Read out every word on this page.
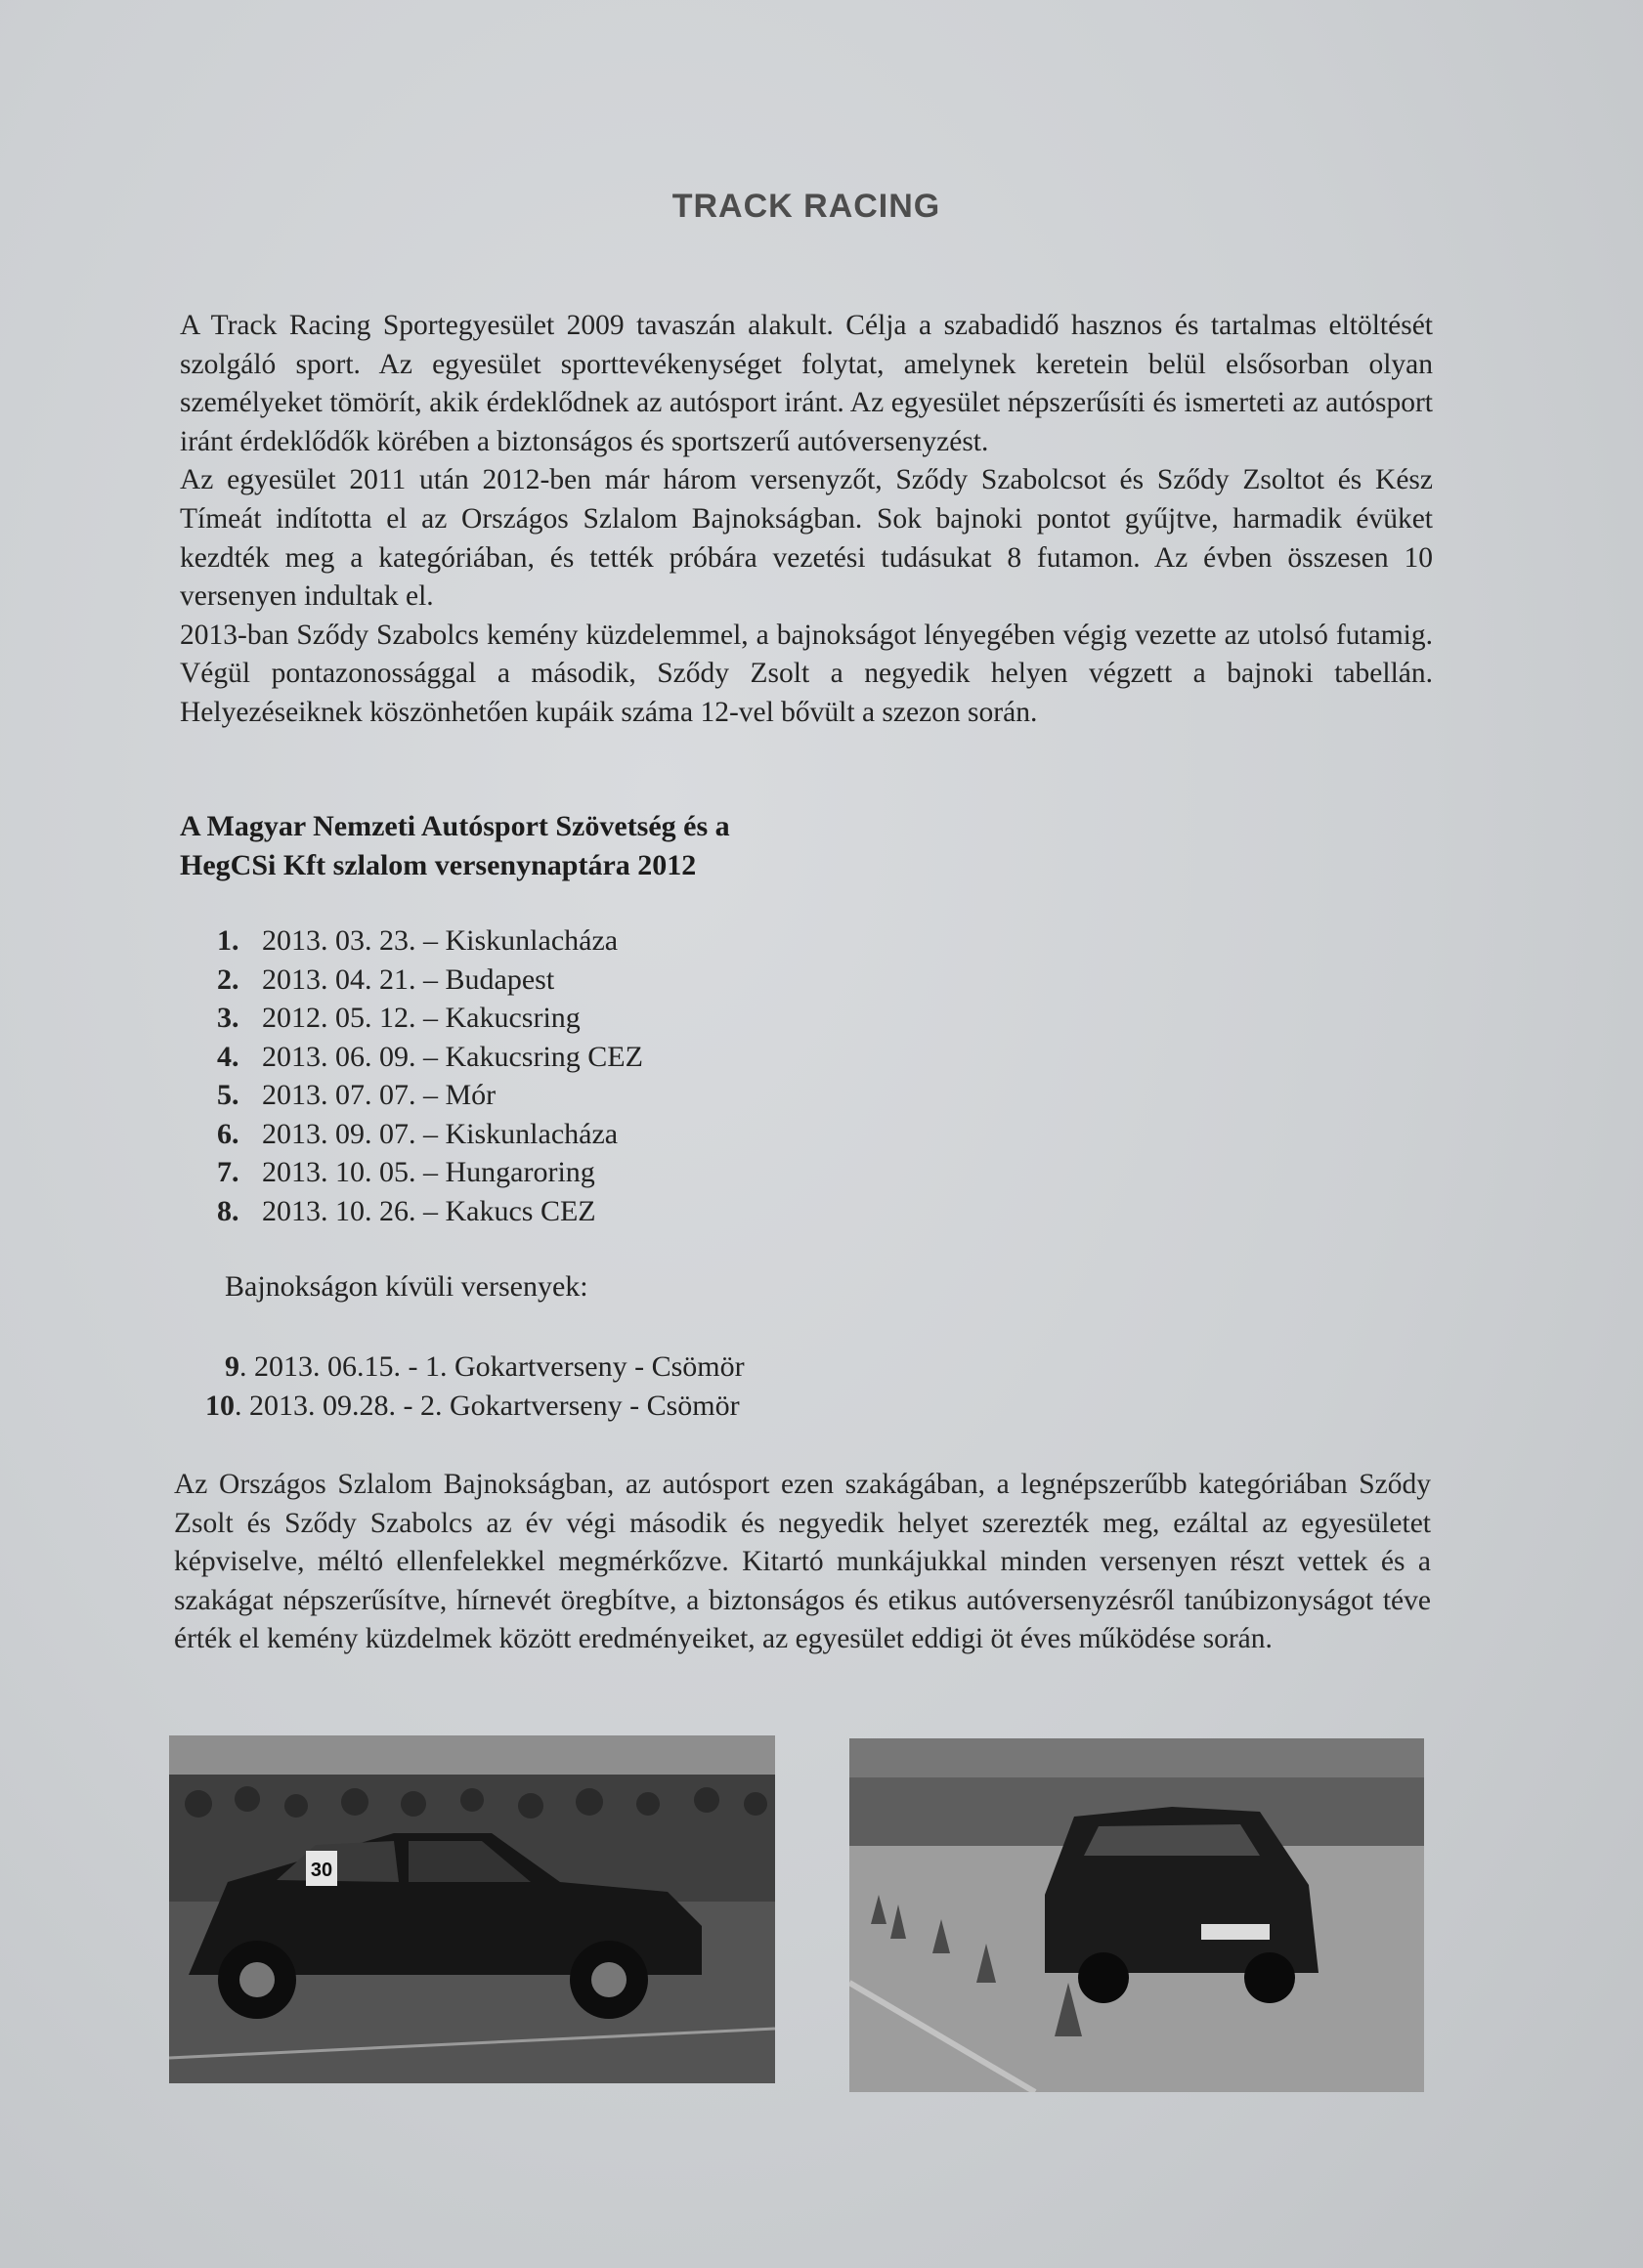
TRACK RACING

A Track Racing Sportegyesület 2009 tavaszán alakult. Célja a szabadidő hasznos és tartalmas eltöltését szolgáló sport. Az egyesület sporttevékenységet folytat, amelynek keretein belül elsősorban olyan személyeket tömörít, akik érdeklődnek az autósport iránt. Az egyesület népszerűsíti és ismerteti az autósport iránt érdeklődők körében a biztonságos és sportszerű autóversenyzést.

Az egyesület 2011 után 2012-ben már három versenyzőt, Sződy Szabolcsot és Sződy Zsoltot és Kész Tímeát indította el az Országos Szlalom Bajnokságban. Sok bajnoki pontot gyűjtve, harmadik évüket kezdték meg a kategóriában, és tették próbára vezetési tudásukat 8 futamon. Az évben összesen 10 versenyen indultak el.

2013-ban Sződy Szabolcs kemény küzdelemmel, a bajnokságot lényegében végig vezette az utolsó futamig. Végül pontazonossággal a második, Sződy Zsolt a negyedik helyen végzett a bajnoki tabellán. Helyezéseiknek köszönhetően kupáik száma 12-vel bővült a szezon során.

A Magyar Nemzeti Autósport Szövetség és a
HegCSi Kft szlalom versenynaptára 2012
1. 2013. 03. 23. – Kiskunlacháza
2. 2013. 04. 21. – Budapest
3. 2012. 05. 12. – Kakucsring
4. 2013. 06. 09. – Kakucsring CEZ
5. 2013. 07. 07. – Mór
6. 2013. 09. 07. – Kiskunlacháza
7. 2013. 10. 05. – Hungaroring
8. 2013. 10. 26. – Kakucs CEZ
Bajnokságon kívüli versenyek:
9. 2013. 06.15. - 1. Gokartverseny - Csömör
10. 2013. 09.28. - 2. Gokartverseny - Csömör

Az Országos Szlalom Bajnokságban, az autósport ezen szakágában, a legnépszerűbb kategóriában Sződy Zsolt és Sződy Szabolcs az év végi második és negyedik helyet szerezték meg, ezáltal az egyesületet képviselve, méltó ellenfelekkel megmérkőzve. Kitartó munkájukkal minden versenyen részt vettek és a szakágat népszerűsítve, hírnevét öregbítve, a biztonságos és etikus autóversenyzésről tanúbizonyságot téve érték el kemény küzdelmek között eredményeiket, az egyesület eddigi öt éves működése során.

30
